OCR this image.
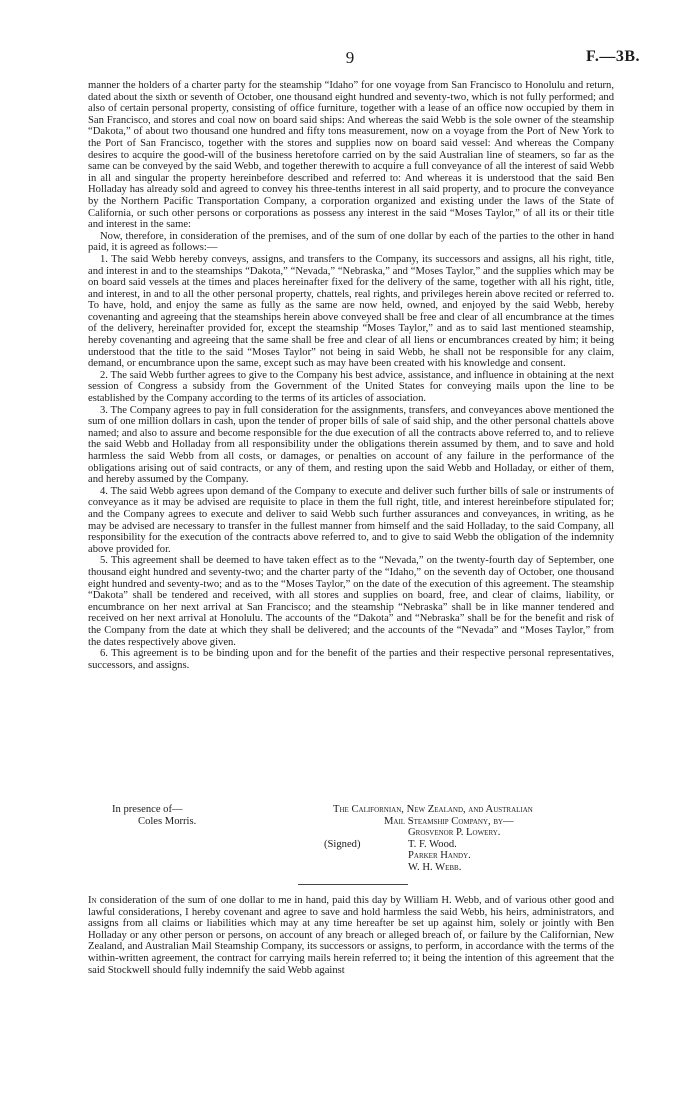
9	F.—3B.

manner the holders of a charter party for the steamship “Idaho” for one voyage from San Francisco to Honolulu and return, dated about the sixth or seventh of October, one thousand eight hundred and seventy-two, which is not fully performed; and also of certain personal property, consisting of office furniture, together with a lease of an office now occupied by them in San Francisco, and stores and coal now on board said ships: And whereas the said Webb is the sole owner of the steamship “Dakota,” of about two thousand one hundred and fifty tons measurement, now on a voyage from the Port of New York to the Port of San Francisco, together with the stores and supplies now on board said vessel: And whereas the Company desires to acquire the good-will of the business heretofore carried on by the said Australian line of steamers, so far as the same can be conveyed by the said Webb, and together therewith to acquire a full conveyance of all the interest of said Webb in all and singular the property hereinbefore described and referred to: And whereas it is understood that the said Ben Holladay has already sold and agreed to convey his three-tenths interest in all said property, and to procure the conveyance by the Northern Pacific Transportation Company, a corporation organized and existing under the laws of the State of California, or such other persons or corporations as possess any interest in the said “Moses Taylor,” of all its or their title and interest in the same:

Now, therefore, in consideration of the premises, and of the sum of one dollar by each of the parties to the other in hand paid, it is agreed as follows:—

1. The said Webb hereby conveys, assigns, and transfers to the Company, its successors and assigns, all his right, title, and interest in and to the steamships “Dakota,” “Nevada,” “Nebraska,” and “Moses Taylor,” and the supplies which may be on board said vessels at the times and places hereinafter fixed for the delivery of the same, together with all his right, title, and interest, in and to all the other personal property, chattels, real rights, and privileges herein above recited or referred to. To have, hold, and enjoy the same as fully as the same are now held, owned, and enjoyed by the said Webb, hereby covenanting and agreeing that the steamships herein above conveyed shall be free and clear of all encumbrance at the times of the delivery, hereinafter provided for, except the steamship “Moses Taylor,” and as to said last mentioned steamship, hereby covenanting and agreeing that the same shall be free and clear of all liens or encumbrances created by him; it being understood that the title to the said “Moses Taylor” not being in said Webb, he shall not be responsible for any claim, demand, or encumbrance upon the same, except such as may have been created with his knowledge and consent.

2. The said Webb further agrees to give to the Company his best advice, assistance, and influence in obtaining at the next session of Congress a subsidy from the Government of the United States for conveying mails upon the line to be established by the Company according to the terms of its articles of association.

3. The Company agrees to pay in full consideration for the assignments, transfers, and conveyances above mentioned the sum of one million dollars in cash, upon the tender of proper bills of sale of said ship, and the other personal chattels above named; and also to assure and become responsible for the due execution of all the contracts above referred to, and to relieve the said Webb and Holladay from all responsibility under the obligations therein assumed by them, and to save and hold harmless the said Webb from all costs, or damages, or penalties on account of any failure in the performance of the obligations arising out of said contracts, or any of them, and resting upon the said Webb and Holladay, or either of them, and hereby assumed by the Company.

4. The said Webb agrees upon demand of the Company to execute and deliver such further bills of sale or instruments of conveyance as it may be advised are requisite to place in them the full right, title, and interest hereinbefore stipulated for; and the Company agrees to execute and deliver to said Webb such further assurances and conveyances, in writing, as he may be advised are necessary to transfer in the fullest manner from himself and the said Holladay, to the said Company, all responsibility for the execution of the contracts above referred to, and to give to said Webb the obligation of the indemnity above provided for.

5. This agreement shall be deemed to have taken effect as to the “Nevada,” on the twenty-fourth day of September, one thousand eight hundred and seventy-two; and the charter party of the “Idaho,” on the seventh day of October, one thousand eight hundred and seventy-two; and as to the “Moses Taylor,” on the date of the execution of this agreement. The steamship “Dakota” shall be tendered and received, with all stores and supplies on board, free, and clear of claims, liability, or encumbrance on her next arrival at San Francisco; and the steamship “Nebraska” shall be in like manner tendered and received on her next arrival at Honolulu. The accounts of the “Dakota” and “Nebraska” shall be for the benefit and risk of the Company from the date at which they shall be delivered; and the accounts of the “Nevada” and “Moses Taylor,” from the dates respectively above given.

6. This agreement is to be binding upon and for the benefit of the parties and their respective personal representatives, successors, and assigns.

In presence of—	The Californian, New Zealand, and Australian
Coles Morris.	Mail Steamship Company, by—
Grosvenor P. Lowery.
(Signed)	T. F. Wood.
Parker Handy.
W. H. Webb.

In consideration of the sum of one dollar to me in hand, paid this day by William H. Webb, and of various other good and lawful considerations, I hereby covenant and agree to save and hold harmless the said Webb, his heirs, administrators, and assigns from all claims or liabilities which may at any time hereafter be set up against him, solely or jointly with Ben Holladay or any other person or persons, on account of any breach or alleged breach of, or failure by the Californian, New Zealand, and Australian Mail Steamship Company, its successors or assigns, to perform, in accordance with the terms of the within-written agreement, the contract for carrying mails herein referred to; it being the intention of this agreement that the said Stockwell should fully indemnify the said Webb against
